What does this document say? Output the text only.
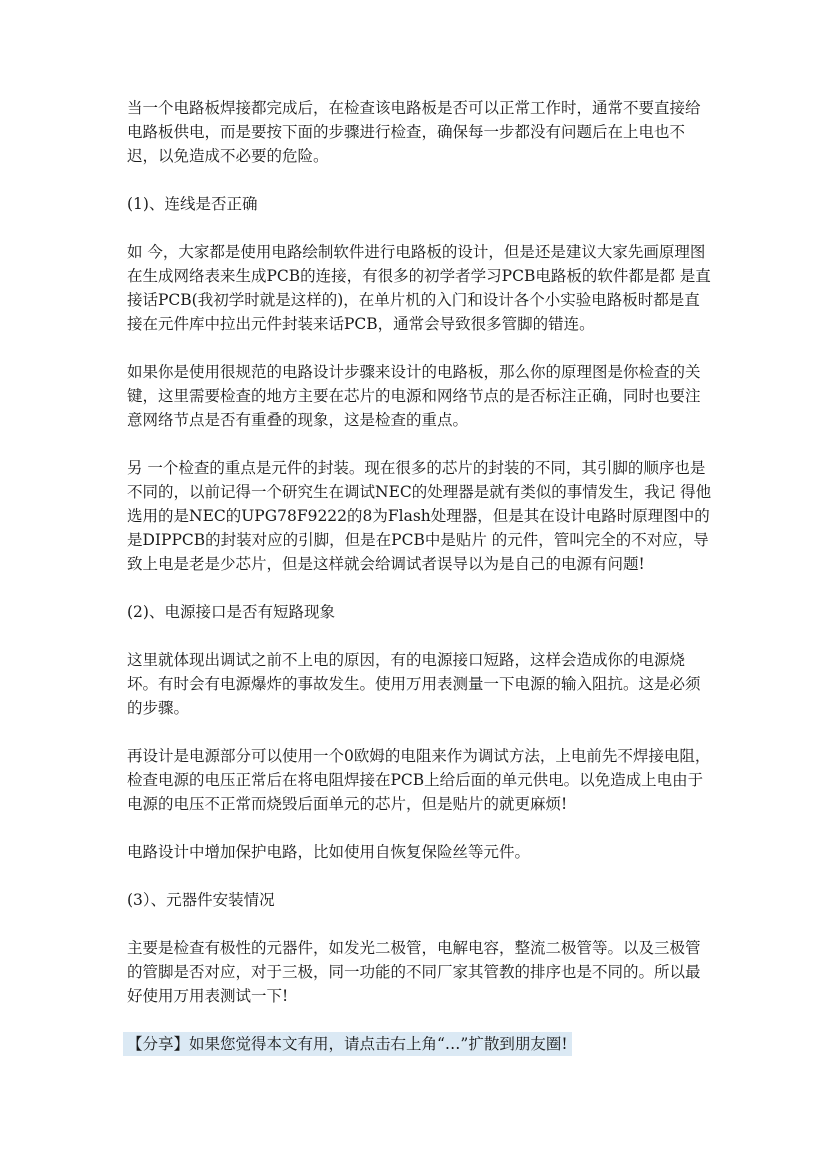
当一个电路板焊接都完成后，在检查该电路板是否可以正常工作时，通常不要直接给电路板供电，而是要按下面的步骤进行检查，确保每一步都没有问题后在上电也不迟，以免造成不必要的危险。

(1)、连线是否正确

如 今，大家都是使用电路绘制软件进行电路板的设计，但是还是建议大家先画原理图在生成网络表来生成PCB的连接，有很多的初学者学习PCB电路板的软件都是都 是直接话PCB(我初学时就是这样的)，在单片机的入门和设计各个小实验电路板时都是直接在元件库中拉出元件封装来话PCB，通常会导致很多管脚的错连。

如果你是使用很规范的电路设计步骤来设计的电路板，那么你的原理图是你检查的关键，这里需要检查的地方主要在芯片的电源和网络节点的是否标注正确，同时也要注意网络节点是否有重叠的现象，这是检查的重点。

另 一个检查的重点是元件的封装。现在很多的芯片的封装的不同，其引脚的顺序也是不同的，以前记得一个研究生在调试NEC的处理器是就有类似的事情发生，我记 得他选用的是NEC的UPG78F9222的8为Flash处理器，但是其在设计电路时原理图中的是DIPPCB的封装对应的引脚，但是在PCB中是贴片 的元件，管叫完全的不对应，导致上电是老是少芯片，但是这样就会给调试者误导以为是自己的电源有问题!

(2)、电源接口是否有短路现象

这里就体现出调试之前不上电的原因，有的电源接口短路，这样会造成你的电源烧坏。有时会有电源爆炸的事故发生。使用万用表测量一下电源的输入阻抗。这是必须的步骤。

再设计是电源部分可以使用一个0欧姆的电阻来作为调试方法，上电前先不焊接电阻，检查电源的电压正常后在将电阻焊接在PCB上给后面的单元供电。以免造成上电由于电源的电压不正常而烧毁后面单元的芯片，但是贴片的就更麻烦!

电路设计中增加保护电路，比如使用自恢复保险丝等元件。

(3）、元器件安装情况

主要是检查有极性的元器件，如发光二极管，电解电容，整流二极管等。以及三极管的管脚是否对应，对于三极，同一功能的不同厂家其管教的排序也是不同的。所以最好使用万用表测试一下!

【分享】如果您觉得本文有用，请点击右上角“…”扩散到朋友圈!
